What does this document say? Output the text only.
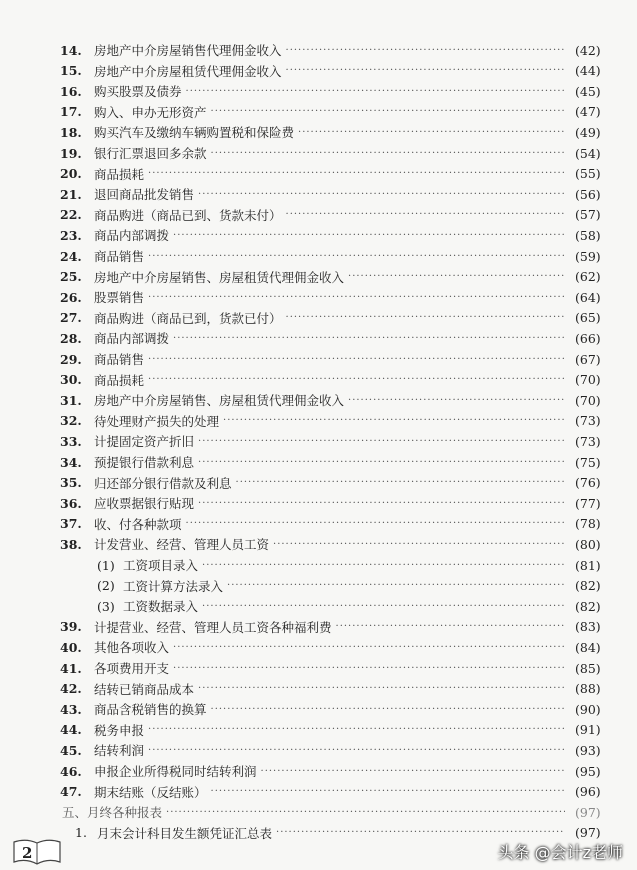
14. 房地产中介房屋销售代理佣金收入 ·····	(42)
15. 房地产中介房屋租赁代理佣金收入 ·····	(44)
16. 购买股票及债券 ·····	(45)
17. 购入、申办无形资产 ·····	(47)
18. 购买汽车及缴纳车辆购置税和保险费 ·····	(49)
19. 银行汇票退回多余款 ·····	(54)
20. 商品损耗 ·····	(55)
21. 退回商品批发销售 ·····	(56)
22. 商品购进（商品已到、货款未付） ·····	(57)
23. 商品内部调拨 ·····	(58)
24. 商品销售 ·····	(59)
25. 房地产中介房屋销售、房屋租赁代理佣金收入 ·····	(62)
26. 股票销售 ·····	(64)
27. 商品购进（商品已到，货款已付） ·····	(65)
28. 商品内部调拨 ·····	(66)
29. 商品销售 ·····	(67)
30. 商品损耗 ·····	(70)
31. 房地产中介房屋销售、房屋租赁代理佣金收入 ·····	(70)
32. 待处理财产损失的处理 ·····	(73)
33. 计提固定资产折旧 ·····	(73)
34. 预提银行借款利息 ·····	(75)
35. 归还部分银行借款及利息 ·····	(76)
36. 应收票据银行贴现 ·····	(77)
37. 收、付各种款项 ·····	(78)
38. 计发营业、经营、管理人员工资 ·····	(80)
(1) 工资项目录入 ·····	(81)
(2) 工资计算方法录入 ·····	(82)
(3) 工资数据录入 ·····	(82)
39. 计提营业、经营、管理人员工资各种福利费 ·····	(83)
40. 其他各项收入 ·····	(84)
41. 各项费用开支 ·····	(85)
42. 结转已销商品成本 ·····	(88)
43. 商品含税销售的换算 ·····	(90)
44. 税务申报 ·····	(91)
45. 结转利润 ·····	(93)
46. 申报企业所得税同时结转利润 ·····	(95)
47. 期末结账（反结账） ·····	(96)
五、月终各种报表 ·····	(97)
1. 月末会计科目发生额凭证汇总表 ·····	(97)
2	头条 @会计z老师
